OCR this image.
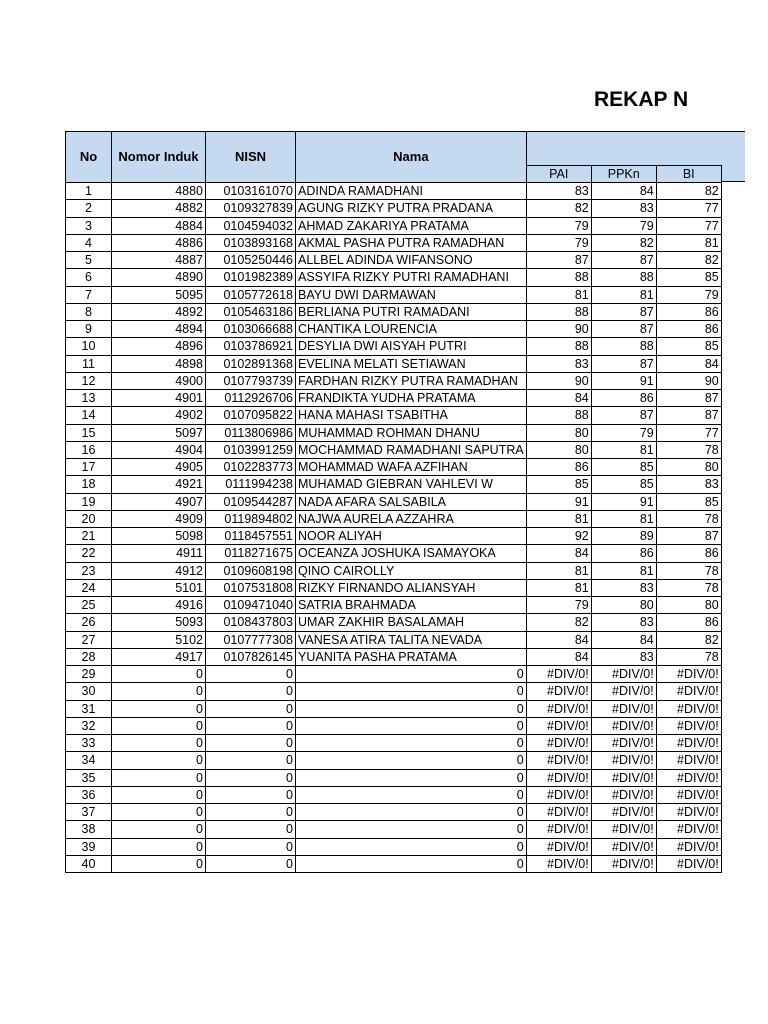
REKAP N
No	Nomor Induk	NISN	Nama			
				PAI	PPKn	BI
1	4880	0103161070	ADINDA RAMADHANI	83	84	82
2	4882	0109327839	AGUNG RIZKY PUTRA PRADANA	82	83	77
3	4884	0104594032	AHMAD ZAKARIYA PRATAMA	79	79	77
4	4886	0103893168	AKMAL PASHA PUTRA RAMADHAN	79	82	81
5	4887	0105250446	ALLBEL ADINDA WIFANSONO	87	87	82
6	4890	0101982389	ASSYIFA RIZKY PUTRI RAMADHANI	88	88	85
7	5095	0105772618	BAYU DWI DARMAWAN	81	81	79
8	4892	0105463186	BERLIANA PUTRI RAMADANI	88	87	86
9	4894	0103066688	CHANTIKA LOURENCIA	90	87	86
10	4896	0103786921	DESYLIA DWI AISYAH PUTRI	88	88	85
11	4898	0102891368	EVELINA MELATI SETIAWAN	83	87	84
12	4900	0107793739	FARDHAN RIZKY PUTRA RAMADHAN	90	91	90
13	4901	0112926706	FRANDIKTA YUDHA PRATAMA	84	86	87
14	4902	0107095822	HANA MAHASI TSABITHA	88	87	87
15	5097	0113806986	MUHAMMAD ROHMAN DHANU	80	79	77
16	4904	0103991259	MOCHAMMAD RAMADHANI SAPUTRA	80	81	78
17	4905	0102283773	MOHAMMAD WAFA AZFIHAN	86	85	80
18	4921	0111994238	MUHAMAD GIEBRAN VAHLEVI W	85	85	83
19	4907	0109544287	NADA AFARA SALSABILA	91	91	85
20	4909	0119894802	NAJWA AURELA AZZAHRA	81	81	78
21	5098	0118457551	NOOR ALIYAH	92	89	87
22	4911	0118271675	OCEANZA JOSHUKA ISAMAYOKA	84	86	86
23	4912	0109608198	QINO CAIROLLY	81	81	78
24	5101	0107531808	RIZKY FIRNANDO ALIANSYAH	81	83	78
25	4916	0109471040	SATRIA BRAHMADA	79	80	80
26	5093	0108437803	UMAR ZAKHIR BASALAMAH	82	83	86
27	5102	0107777308	VANESA ATIRA TALITA NEVADA	84	84	82
28	4917	0107826145	YUANITA PASHA PRATAMA	84	83	78
29	0	0	0	#DIV/0!	#DIV/0!	#DIV/0!
30	0	0	0	#DIV/0!	#DIV/0!	#DIV/0!
31	0	0	0	#DIV/0!	#DIV/0!	#DIV/0!
32	0	0	0	#DIV/0!	#DIV/0!	#DIV/0!
33	0	0	0	#DIV/0!	#DIV/0!	#DIV/0!
34	0	0	0	#DIV/0!	#DIV/0!	#DIV/0!
35	0	0	0	#DIV/0!	#DIV/0!	#DIV/0!
36	0	0	0	#DIV/0!	#DIV/0!	#DIV/0!
37	0	0	0	#DIV/0!	#DIV/0!	#DIV/0!
38	0	0	0	#DIV/0!	#DIV/0!	#DIV/0!
39	0	0	0	#DIV/0!	#DIV/0!	#DIV/0!
40	0	0	0	#DIV/0!	#DIV/0!	#DIV/0!
